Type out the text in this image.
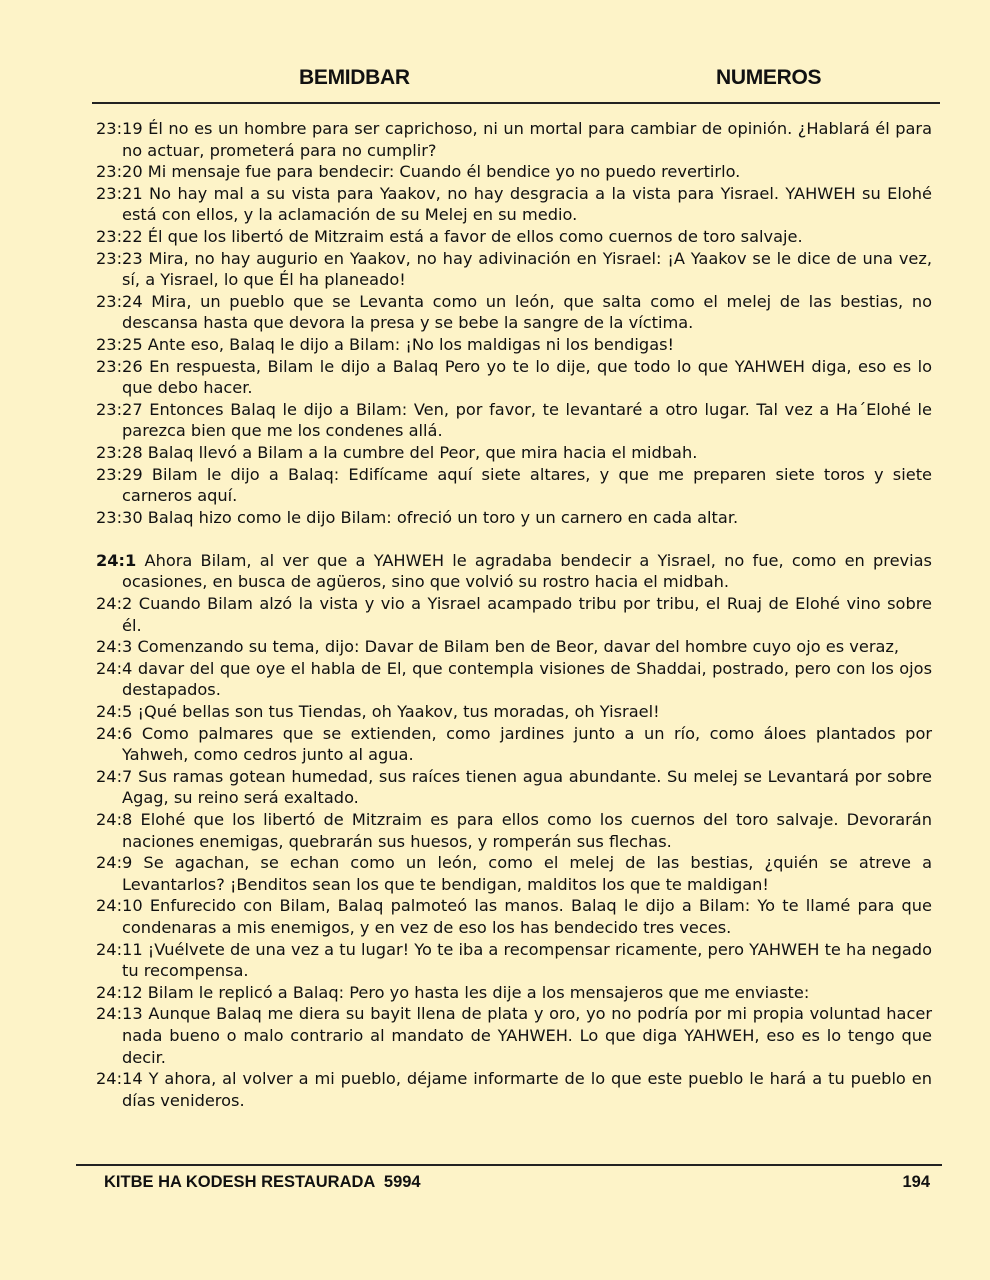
BEMIDBAR	NUMEROS

23:19 Él no es un hombre para ser caprichoso, ni un mortal para cambiar de opinión. ¿Hablará él para no actuar, prometerá para no cumplir?

23:20 Mi mensaje fue para bendecir: Cuando él bendice yo no puedo revertirlo.

23:21 No hay mal a su vista para Yaakov, no hay desgracia a la vista para Yisrael. YAHWEH su Elohé está con ellos, y la aclamación de su Melej en su medio.

23:22 Él que los libertó de Mitzraim está a favor de ellos como cuernos de toro salvaje.

23:23 Mira, no hay augurio en Yaakov, no hay adivinación en Yisrael: ¡A Yaakov se le dice de una vez, sí, a Yisrael, lo que Él ha planeado!

23:24 Mira, un pueblo que se Levanta como un león, que salta como el melej de las bestias, no descansa hasta que devora la presa y se bebe la sangre de la víctima.

23:25 Ante eso, Balaq le dijo a Bilam: ¡No los maldigas ni los bendigas!

23:26 En respuesta, Bilam le dijo a Balaq Pero yo te lo dije, que todo lo que YAHWEH diga, eso es lo que debo hacer.

23:27 Entonces Balaq le dijo a Bilam: Ven, por favor, te levantaré a otro lugar. Tal vez a Ha´Elohé le parezca bien que me los condenes allá.

23:28 Balaq llevó a Bilam a la cumbre del Peor, que mira hacia el midbah.

23:29 Bilam le dijo a Balaq: Edifícame aquí siete altares, y que me preparen siete toros y siete carneros aquí.

23:30 Balaq hizo como le dijo Bilam: ofreció un toro y un carnero en cada altar.

24:1 Ahora Bilam, al ver que a YAHWEH le agradaba bendecir a Yisrael, no fue, como en previas ocasiones, en busca de agüeros, sino que volvió su rostro hacia el midbah.

24:2 Cuando Bilam alzó la vista y vio a Yisrael acampado tribu por tribu, el Ruaj de Elohé vino sobre él.

24:3 Comenzando su tema, dijo: Davar de Bilam ben de Beor, davar del hombre cuyo ojo es veraz,

24:4 davar del que oye el habla de El, que contempla visiones de Shaddai, postrado, pero con los ojos destapados.

24:5 ¡Qué bellas son tus Tiendas, oh Yaakov, tus moradas, oh Yisrael!

24:6 Como palmares que se extienden, como jardines junto a un río, como áloes plantados por Yahweh, como cedros junto al agua.

24:7 Sus ramas gotean humedad, sus raíces tienen agua abundante. Su melej se Levantará por sobre Agag, su reino será exaltado.

24:8 Elohé que los libertó de Mitzraim es para ellos como los cuernos del toro salvaje. Devorarán naciones enemigas, quebrarán sus huesos, y romperán sus flechas.

24:9 Se agachan, se echan como un león, como el melej de las bestias, ¿quién se atreve a Levantarlos? ¡Benditos sean los que te bendigan, malditos los que te maldigan!

24:10 Enfurecido con Bilam, Balaq palmoteó las manos. Balaq le dijo a Bilam: Yo te llamé para que condenaras a mis enemigos, y en vez de eso los has bendecido tres veces.

24:11 ¡Vuélvete de una vez a tu lugar! Yo te iba a recompensar ricamente, pero YAHWEH te ha negado tu recompensa.

24:12 Bilam le replicó a Balaq: Pero yo hasta les dije a los mensajeros que me enviaste:

24:13 Aunque Balaq me diera su bayit llena de plata y oro, yo no podría por mi propia voluntad hacer nada bueno o malo contrario al mandato de YAHWEH. Lo que diga YAHWEH, eso es lo tengo que decir.

24:14 Y ahora, al volver a mi pueblo, déjame informarte de lo que este pueblo le hará a tu pueblo en días venideros.

KITBE HA KODESH RESTAURADA  5994	194
